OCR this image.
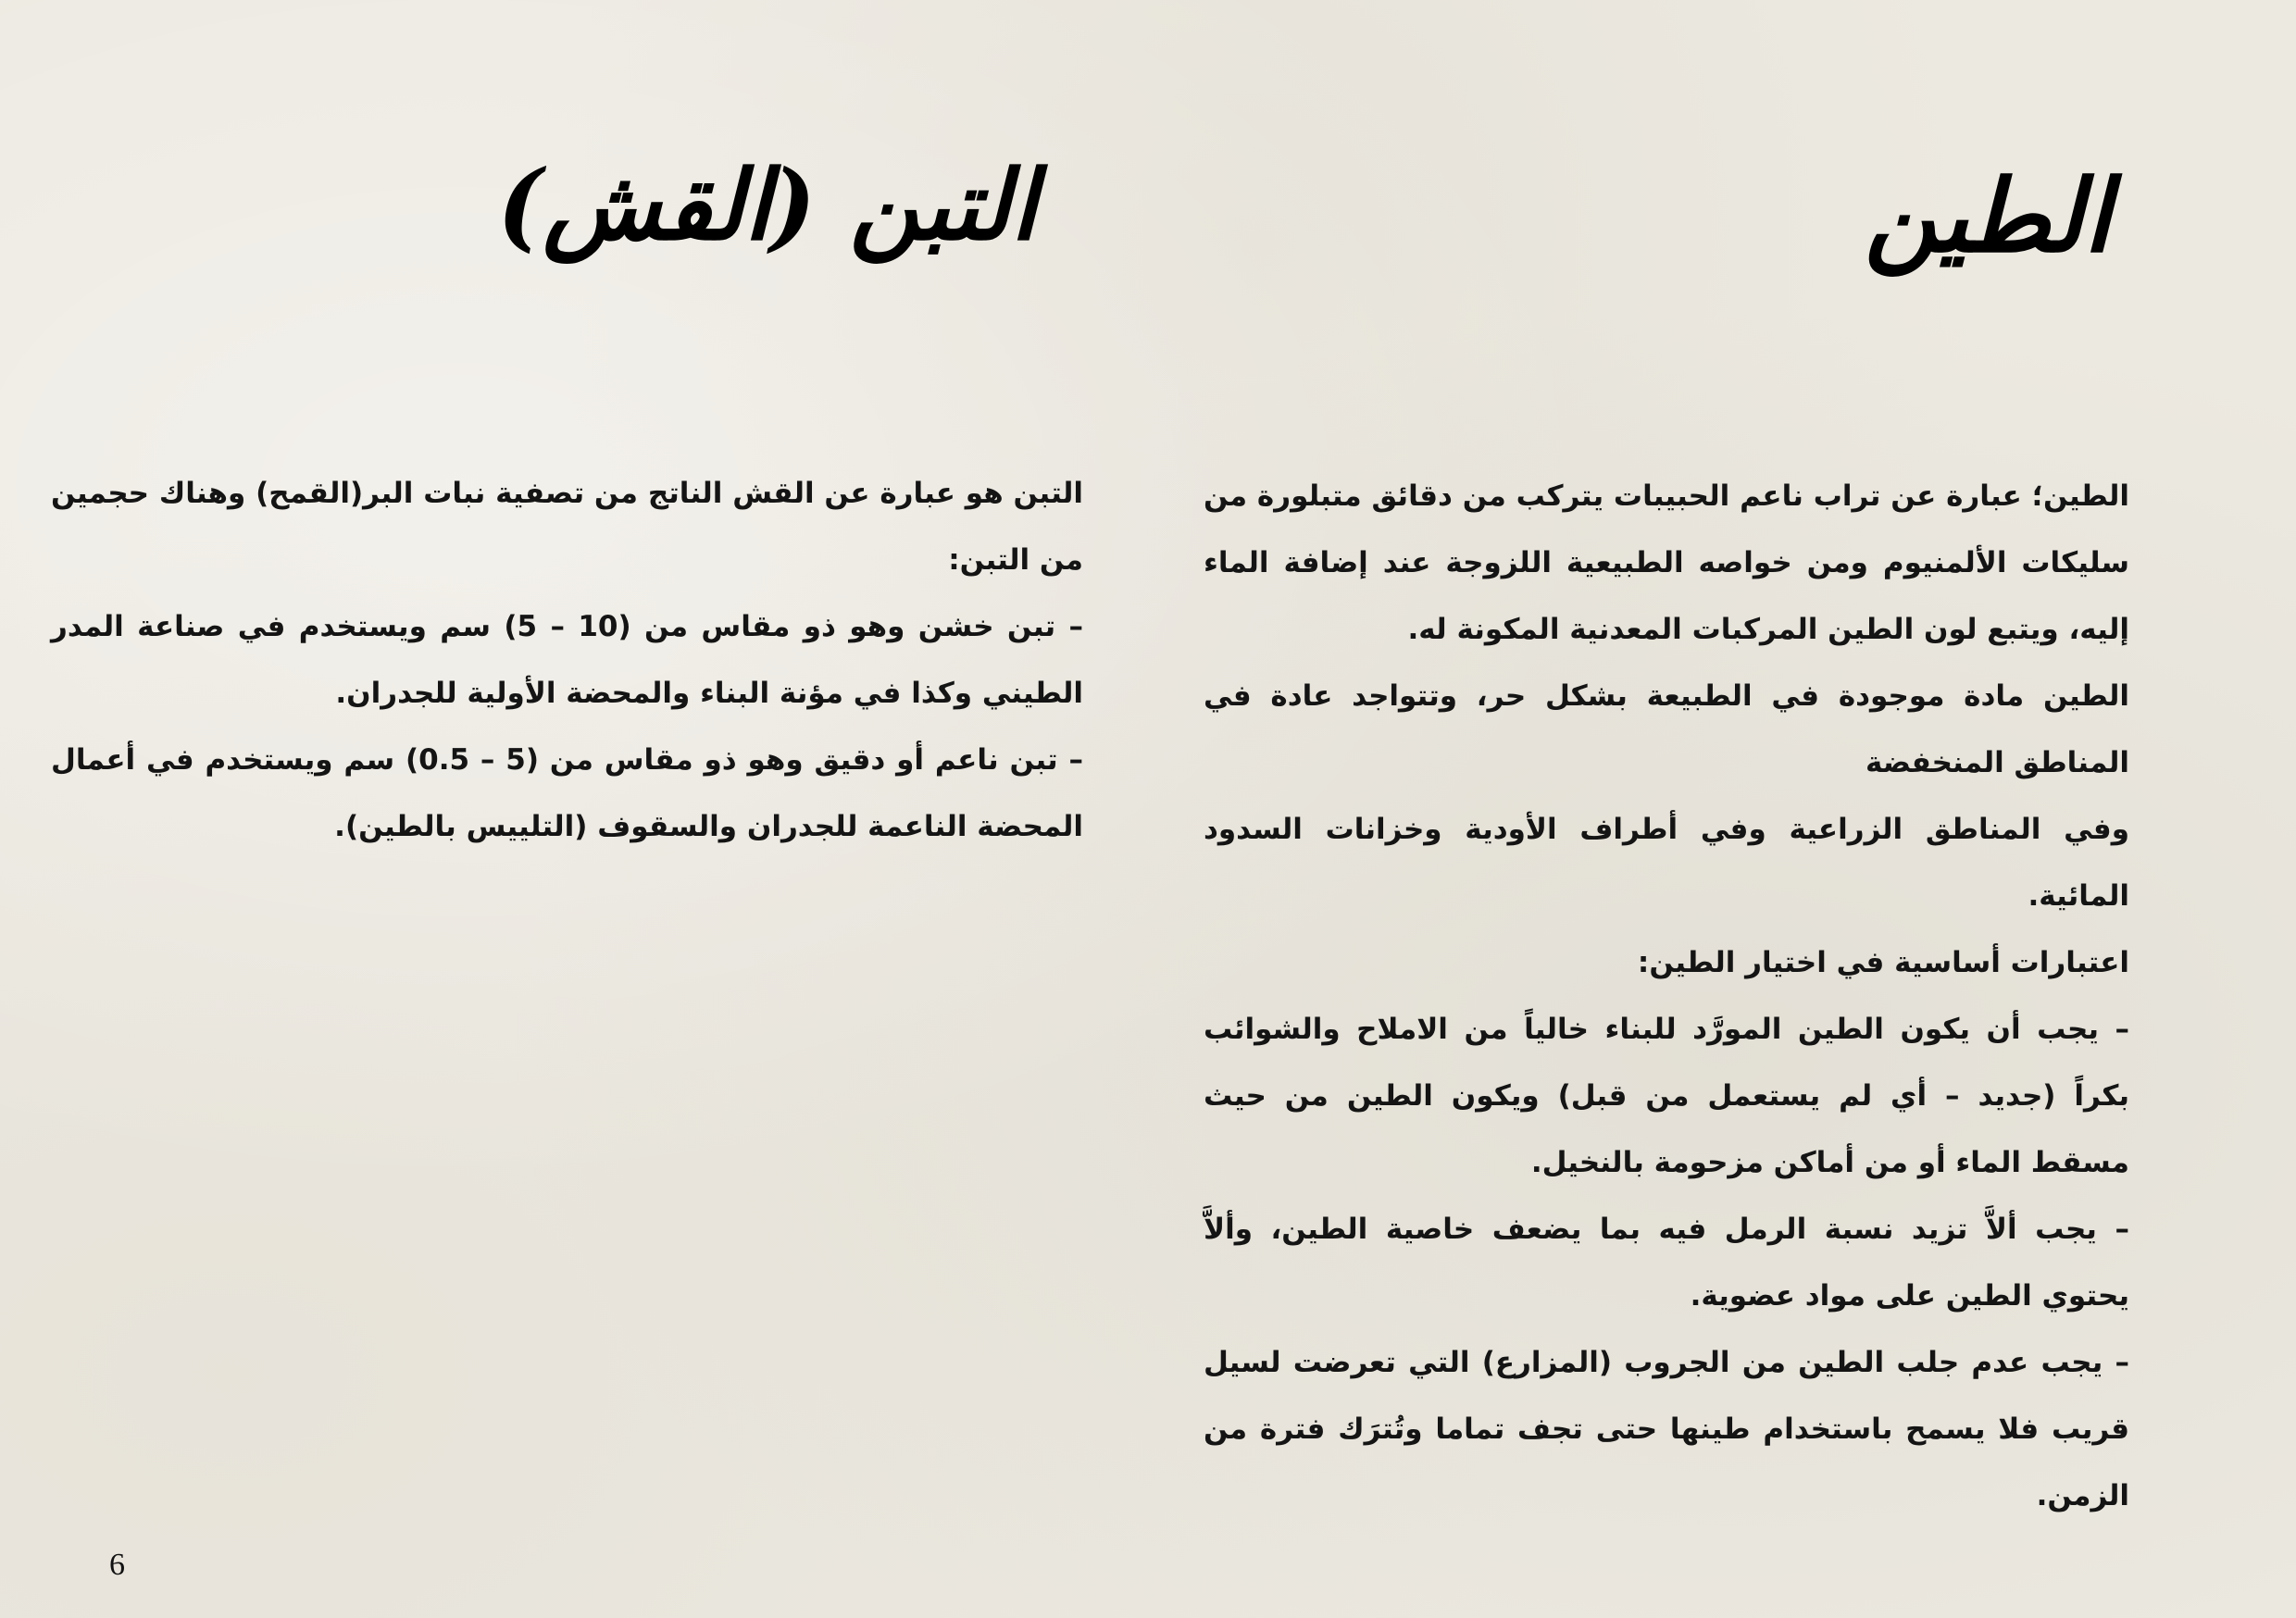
الطين
التبن (القش)

الطين؛ عبارة عن تراب ناعم الحبيبات يتركب من دقائق متبلورة من سليكات الألمنيوم ومن خواصه الطبيعية اللزوجة عند إضافة الماء إليه، ويتبع لون الطين المركبات المعدنية المكونة له.

الطين مادة موجودة في الطبيعة بشكل حر، وتتواجد عادة في المناطق المنخفضة

وفي المناطق الزراعية وفي أطراف الأودية وخزانات السدود المائية.

اعتبارات أساسية في اختيار الطين:

– يجب أن يكون الطين المورَّد للبناء خالياً من الاملاح والشوائب بكراً (جديد – أي لم يستعمل من قبل) ويكون الطين من حيث مسقط الماء أو من أماكن مزحومة بالنخيل.

– يجب ألاَّ تزيد نسبة الرمل فيه بما يضعف خاصية الطين، وألاَّ يحتوي الطين على مواد عضوية.

– يجب عدم جلب الطين من الجروب (المزارع) التي تعرضت لسيل قريب فلا يسمح باستخدام طينها حتى تجف تماما وتُترَك فترة من الزمن.

التبن هو عبارة عن القش الناتج من تصفية نبات البر(القمح) وهناك حجمين من التبن:

– تبن خشن وهو ذو مقاس من (10 – 5) سم ويستخدم في صناعة المدر الطيني وكذا في مؤنة البناء والمحضة الأولية للجدران.

– تبن ناعم أو دقيق وهو ذو مقاس من (5 – 0.5) سم ويستخدم في أعمال المحضة الناعمة للجدران والسقوف (التلييس بالطين).

6
